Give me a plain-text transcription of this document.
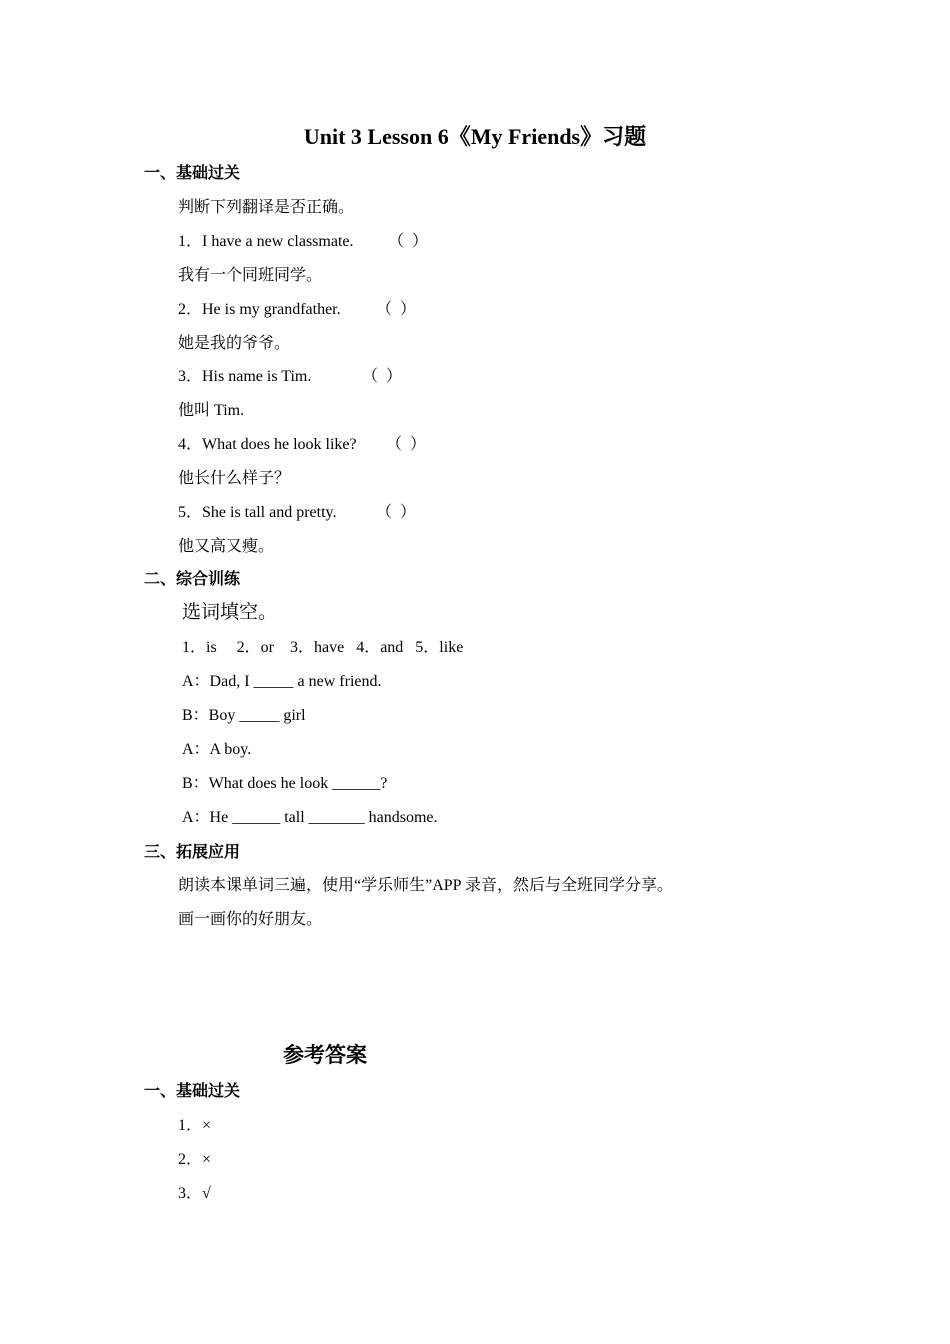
Unit 3 Lesson 6《My Friends》习题
一、基础过关
判断下列翻译是否正确。
1．I have a new classmate. （  ）
我有一个同班同学。
2．He is my grandfather. （  ）
她是我的爷爷。
3．His name is Tim.	（  ）
他叫 Tim.
4．What does he look like? （  ）
他长什么样子？
5．She is tall and pretty. （  ）
他又高又瘦。
二、综合训练
选词填空。
1．is     2．or    3．have   4．and   5．like
A：Dad, I _____ a new friend.
B：Boy _____ girl
A：A boy.
B：What does he look ______?
A：He ______ tall _______ handsome.
三、拓展应用
朗读本课单词三遍，使用“学乐师生”APP 录音，然后与全班同学分享。
画一画你的好朋友。
参考答案
一、基础过关
1．×
2．×
3．√
